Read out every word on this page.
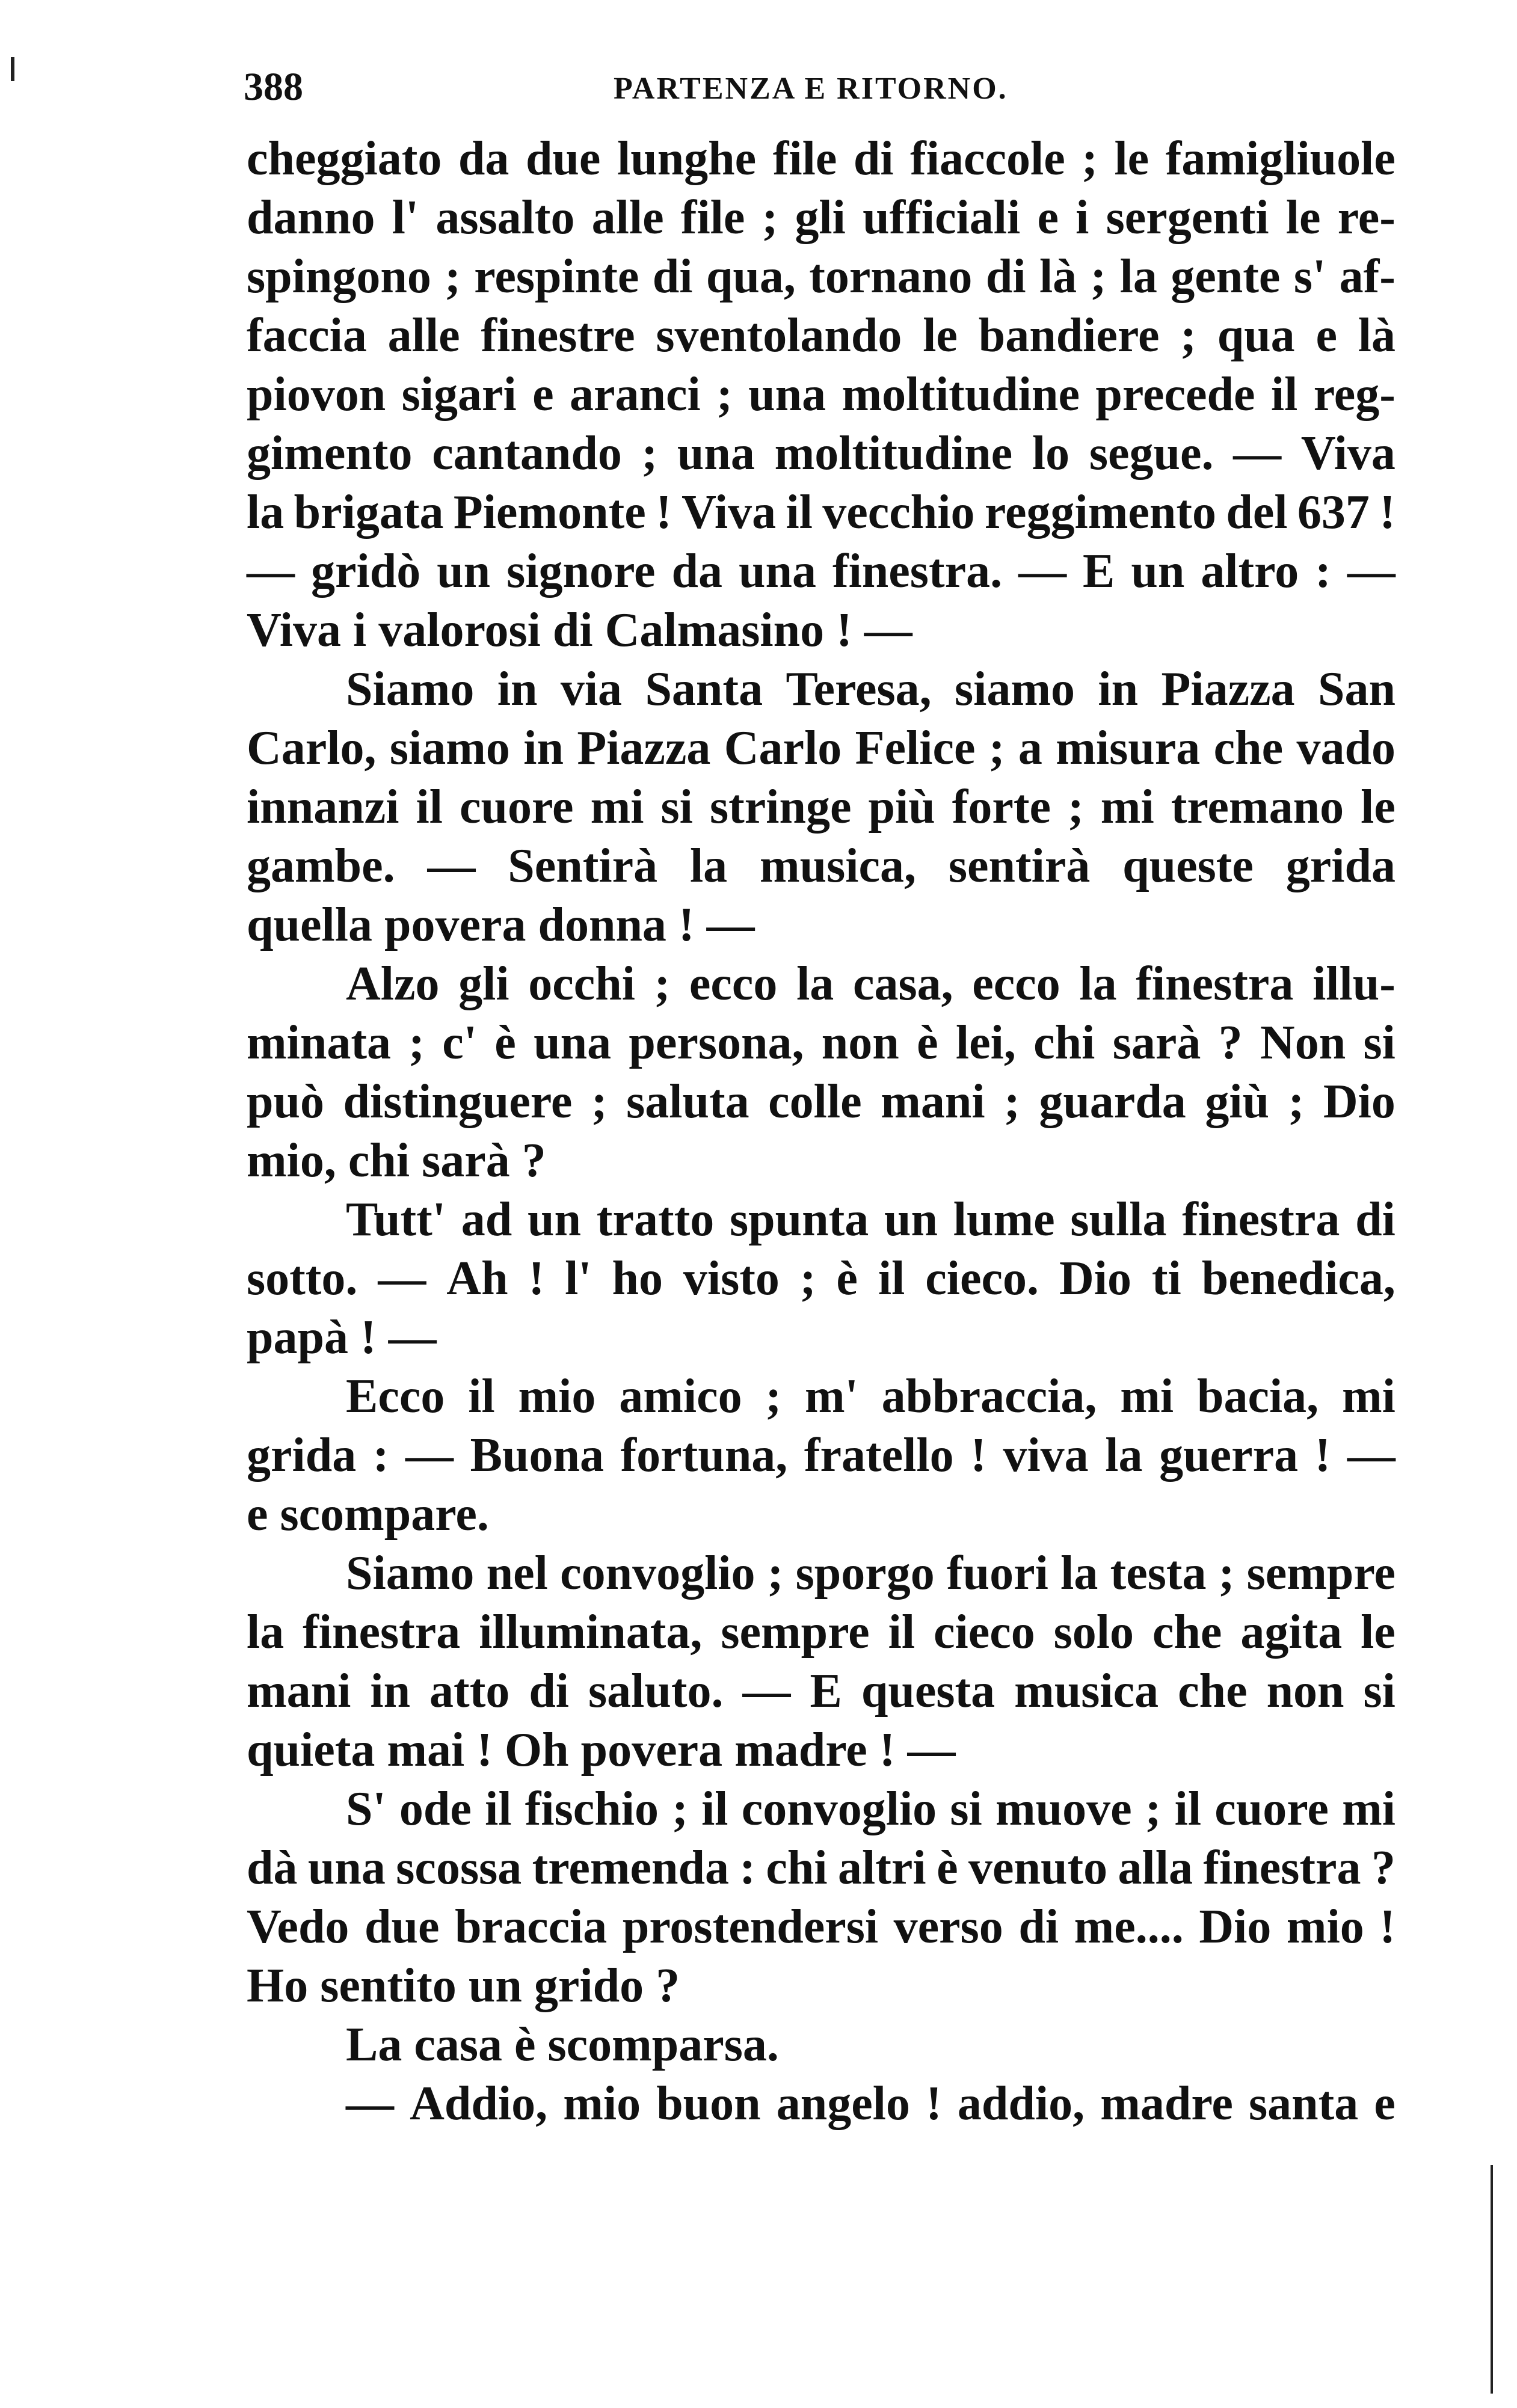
388	PARTENZA E RITORNO.
cheggiato da due lunghe file di fiaccole ; le famigliuole
danno l' assalto alle file ; gli ufficiali e i sergenti le re-
spingono ; respinte di qua, tornano di là ; la gente s' af-
faccia alle finestre sventolando le bandiere ; qua e là
piovon sigari e aranci ; una moltitudine precede il reg-
gimento cantando ; una moltitudine lo segue. — Viva
la brigata Piemonte ! Viva il vecchio reggimento del 637 !
— gridò un signore da una finestra. — E un altro : —
Viva i valorosi di Calmasino ! —
Siamo in via Santa Teresa, siamo in Piazza San
Carlo, siamo in Piazza Carlo Felice ; a misura che vado
innanzi il cuore mi si stringe più forte ; mi tremano le
gambe. — Sentirà la musica, sentirà queste grida
quella povera donna ! —
Alzo gli occhi ; ecco la casa, ecco la finestra illu-
minata ; c' è una persona, non è lei, chi sarà ? Non si
può distinguere ; saluta colle mani ; guarda giù ; Dio
mio, chi sarà ?
Tutt' ad un tratto spunta un lume sulla finestra di
sotto. — Ah ! l' ho visto ; è il cieco. Dio ti benedica,
papà ! —
Ecco il mio amico ; m' abbraccia, mi bacia, mi
grida : — Buona fortuna, fratello ! viva la guerra ! —
e scompare.
Siamo nel convoglio ; sporgo fuori la testa ; sempre
la finestra illuminata, sempre il cieco solo che agita le
mani in atto di saluto. — E questa musica che non si
quieta mai ! Oh povera madre ! —
S' ode il fischio ; il convoglio si muove ; il cuore mi
dà una scossa tremenda : chi altri è venuto alla finestra ?
Vedo due braccia prostendersi verso di me.... Dio mio !
Ho sentito un grido ?
La casa è scomparsa.
— Addio, mio buon angelo ! addio, madre santa e
